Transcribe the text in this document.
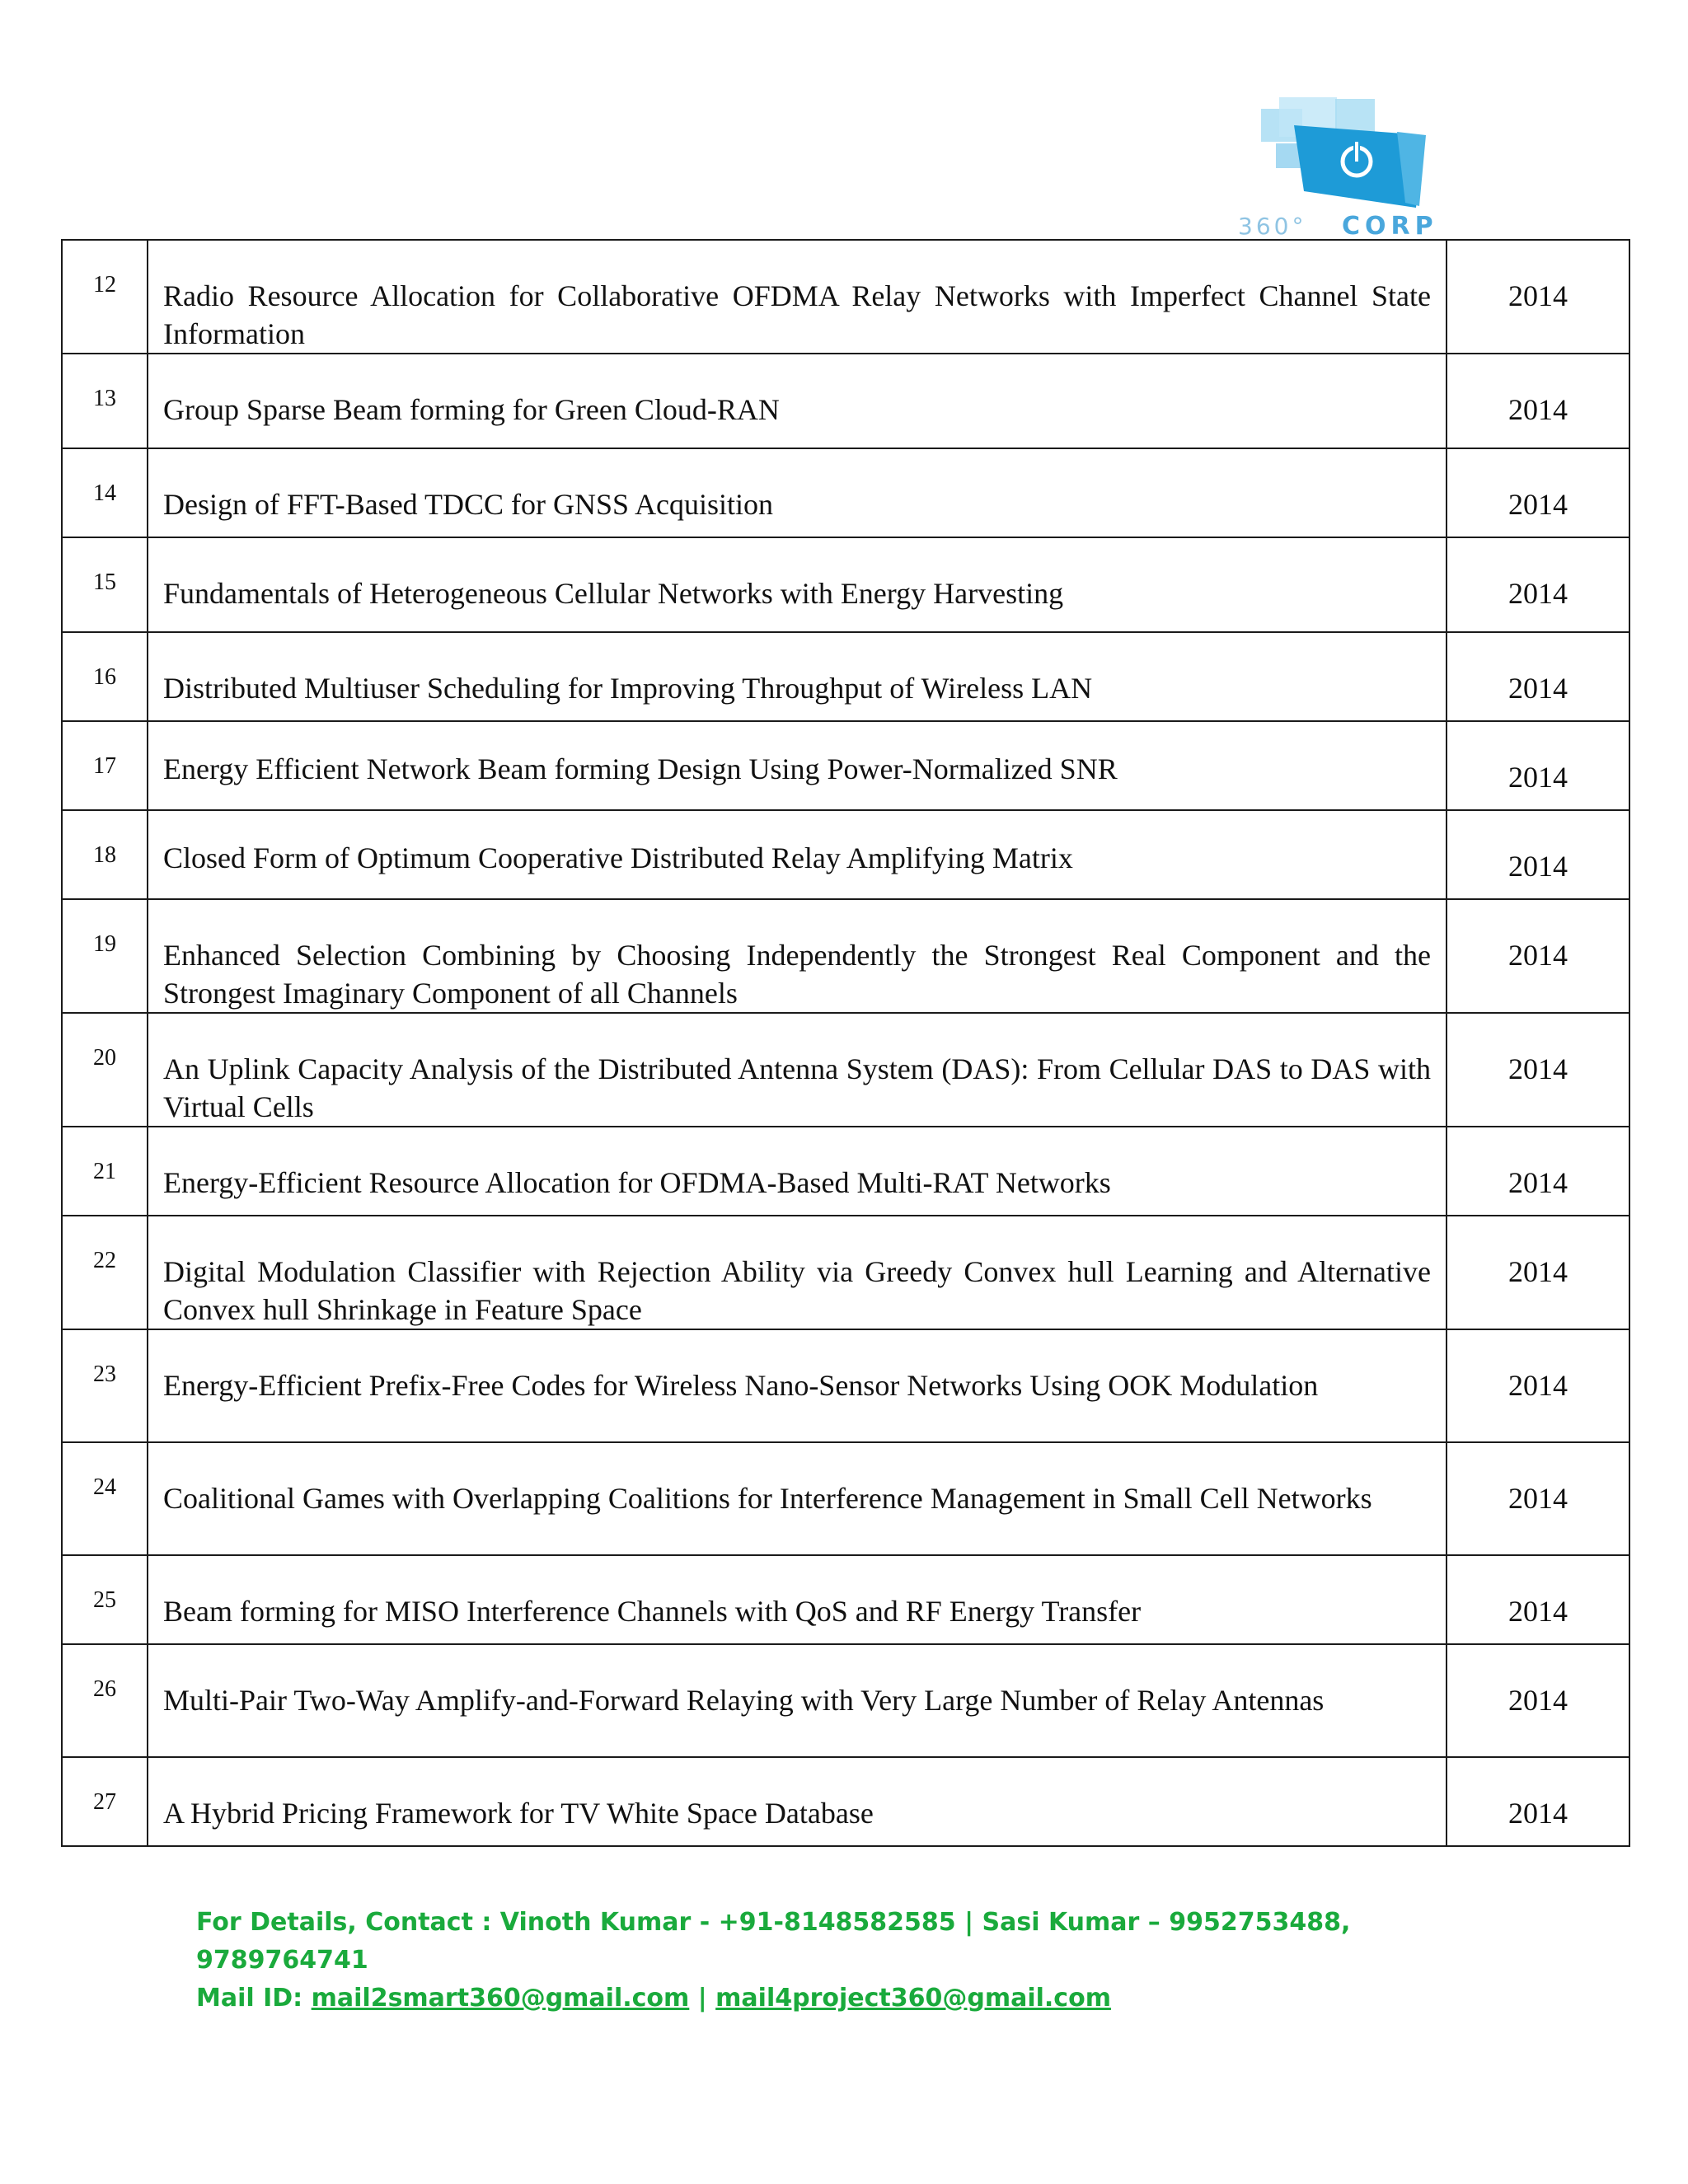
360° CORP
12	Radio Resource Allocation for Collaborative OFDMA Relay Networks with Imperfect Channel State Information	2014
13	Group Sparse Beam forming for Green Cloud-RAN	2014
14	Design of FFT-Based TDCC for GNSS Acquisition	2014
15	Fundamentals of Heterogeneous Cellular Networks with Energy Harvesting	2014
16	Distributed Multiuser Scheduling for Improving Throughput of Wireless LAN	2014
17	Energy Efficient Network Beam forming Design Using Power-Normalized SNR	2014
18	Closed Form of Optimum Cooperative Distributed Relay Amplifying Matrix	2014
19	Enhanced Selection Combining by Choosing Independently the Strongest Real Component and the Strongest Imaginary Component of all Channels	2014
20	An Uplink Capacity Analysis of the Distributed Antenna System (DAS): From Cellular DAS to DAS with Virtual Cells	2014
21	Energy-Efficient Resource Allocation for OFDMA-Based Multi-RAT Networks	2014
22	Digital Modulation Classifier with Rejection Ability via Greedy Convex hull Learning and Alternative Convex hull Shrinkage in Feature Space	2014
23	Energy-Efficient Prefix-Free Codes for Wireless Nano-Sensor Networks Using OOK Modulation	2014
24	Coalitional Games with Overlapping Coalitions for Interference Management in Small Cell Networks	2014
25	Beam forming for MISO Interference Channels with QoS and RF Energy Transfer	2014
26	Multi-Pair Two-Way Amplify-and-Forward Relaying with Very Large Number of Relay Antennas	2014
27	A Hybrid Pricing Framework for TV White Space Database	2014
For Details, Contact : Vinoth Kumar - +91-8148582585 | Sasi Kumar – 9952753488, 9789764741
Mail ID: mail2smart360@gmail.com | mail4project360@gmail.com
